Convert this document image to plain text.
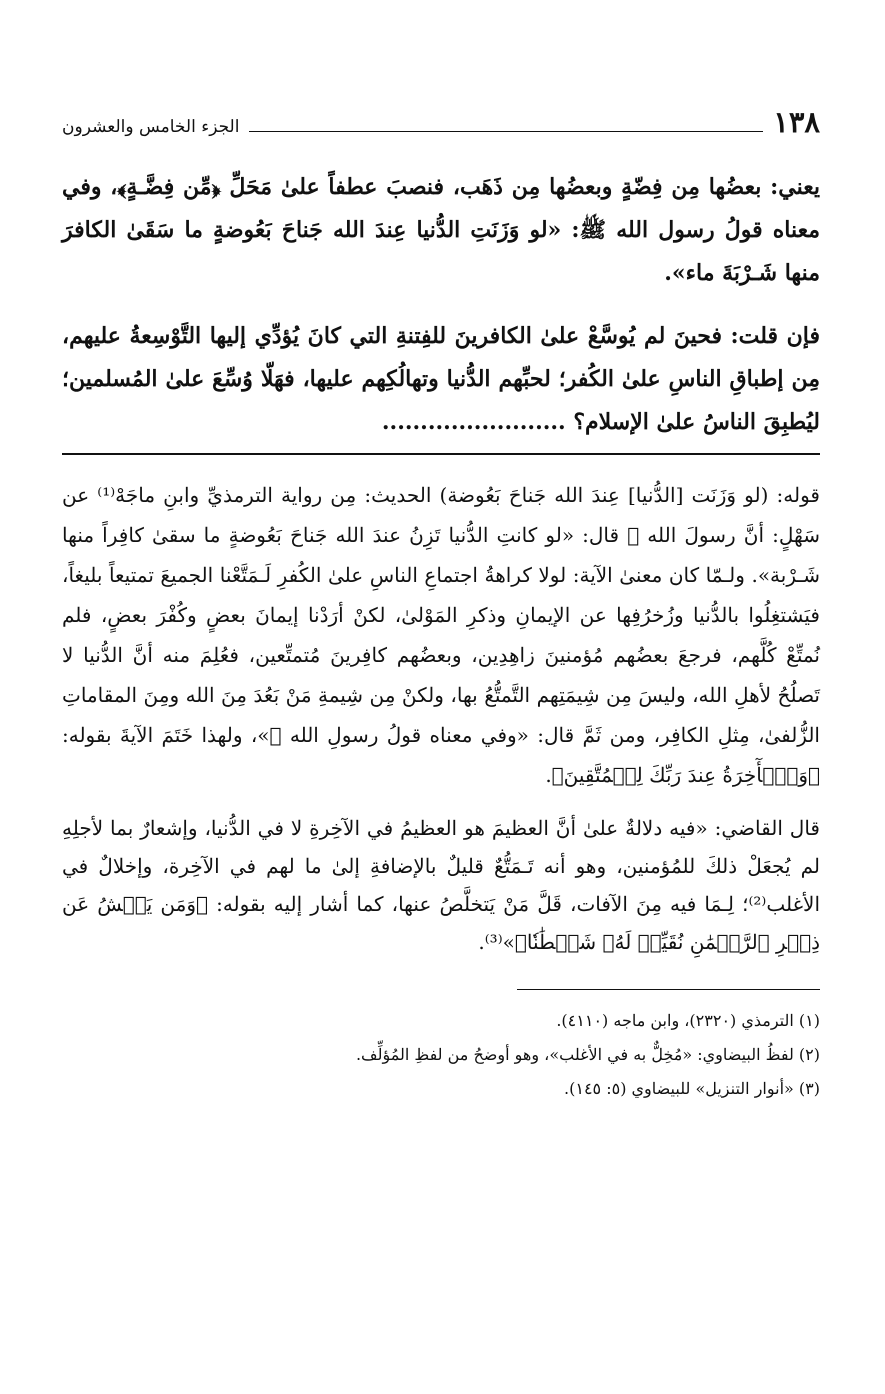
١٣٨
الجزء الخامس والعشرون

يعني: بعضُها مِن فِضّةٍ وبعضُها مِن ذَهَب، فنصبَ عطفاً علىٰ مَحَلِّ ﴿مِّن فِضَّـةٍ﴾، وفي معناه قولُ رسول الله ﷺ: «لو وَزَنَتِ الدُّنيا عِندَ الله جَناحَ بَعُوضةٍ ما سَقَىٰ الكافرَ منها شَـرْبَةَ ماء».

فإن قلت: فحينَ لم يُوسَّعْ علىٰ الكافرينَ للفِتنةِ التي كانَ يُؤدِّي إليها التَّوْسِعةُ عليهم، مِن إطباقِ الناسِ علىٰ الكُفر؛ لحبِّهم الدُّنيا وتهالُكِهم عليها، فهَلّا وُسِّعَ علىٰ المُسلمين؛ ليُطبِقَ الناسُ علىٰ الإسلام؟ ........................

قوله: (لو وَزَنَت [الدُّنيا] عِندَ الله جَناحَ بَعُوضة) الحديث: مِن رواية الترمذيِّ وابنِ ماجَهْ⁽¹⁾ عن سَهْلٍ: أنَّ رسولَ الله ﷺ قال: «لو كانتِ الدُّنيا تَزِنُ عندَ الله جَناحَ بَعُوضةٍ ما سقىٰ كافِراً منها شَـرْبة». ولـمّا كان معنىٰ الآية: لولا كراهةُ اجتماعِ الناسِ علىٰ الكُفرِ لَـمَتَّعْنا الجميعَ تمتيعاً بليغاً، فيَشتغِلُوا بالدُّنيا وزُخرُفِها عن الإيمانِ وذكرِ المَوْلىٰ، لكنْ أرَدْنا إيمانَ بعضٍ وكُفْرَ بعضٍ، فلم نُمتِّعْ كُلَّهم، فرجعَ بعضُهم مُؤمنينَ زاهِدِين، وبعضُهم كافِرينَ مُتمتِّعين، فعُلِمَ منه أنَّ الدُّنيا لا تَصلُحُ لأهلِ الله، وليسَ مِن شِيمَتِهم التَّمتُّعُ بها، ولكنْ مِن شِيمةِ مَنْ بَعُدَ مِنَ الله ومِنَ المقاماتِ الزُّلفىٰ، مِثلِ الكافِر، ومن ثَمَّ قال: «وفي معناه قولُ رسولِ الله ﷺ»، ولهذا خَتَمَ الآيةَ بقوله: ﴿وَٱلۡأٓخِرَةُ عِندَ رَبِّكَ لِلۡمُتَّقِينَ﴾.

قال القاضي: «فيه دلالةٌ علىٰ أنَّ العظيمَ هو العظيمُ في الآخِرةِ لا في الدُّنيا، وإشعارٌ بما لأجلِهِ لم يُجعَلْ ذلكَ للمُؤمنين، وهو أنه تَـمَتُّعٌ قليلٌ بالإضافةِ إلىٰ ما لهم في الآخِرة، وإخلالٌ في الأغلب⁽²⁾؛ لِـمَا فيه مِنَ الآفات، قَلَّ مَنْ يَتخلَّصُ عنها، كما أشار إليه بقوله: ﴿وَمَن يَعۡشُ عَن ذِكۡرِ ٱلرَّحۡمَٰنِ نُقَيِّضۡ لَهُۥ شَيۡطَٰنٗا﴾»⁽³⁾.

(١) الترمذي (٢٣٢٠)، وابن ماجه (٤١١٠).
(٢) لفظُ البيضاوي: «مُخِلٌّ به في الأغلب»، وهو أوضحُ من لفظِ المُؤلِّف.
(٣) «أنوار التنزيل» للبيضاوي (٥: ١٤٥).
